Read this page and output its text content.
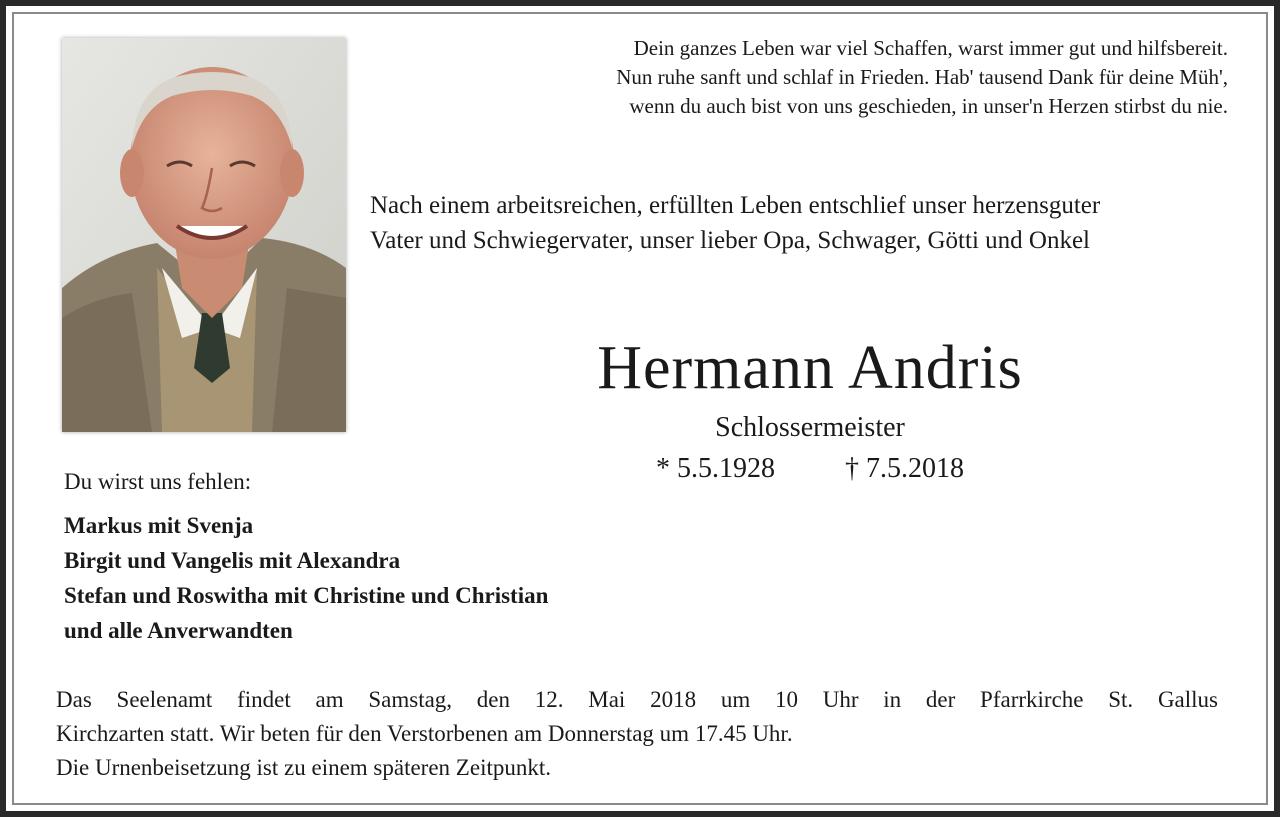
Dein ganzes Leben war viel Schaffen, warst immer gut und hilfsbereit.
Nun ruhe sanft und schlaf in Frieden. Hab' tausend Dank für deine Müh',
wenn du auch bist von uns geschieden, in unser'n Herzen stirbst du nie.
Nach einem arbeitsreichen, erfüllten Leben entschlief unser herzensguter
Vater und Schwiegervater, unser lieber Opa, Schwager, Götti und Onkel
Hermann Andris
Schlossermeister
* 5.5.1928	† 7.5.2018
Du wirst uns fehlen:
Markus mit Svenja
Birgit und Vangelis mit Alexandra
Stefan und Roswitha mit Christine und Christian
und alle Anverwandten
Das Seelenamt findet am Samstag, den 12. Mai 2018 um 10 Uhr in der Pfarrkirche St. Gallus
Kirchzarten statt. Wir beten für den Verstorbenen am Donnerstag um 17.45 Uhr.
Die Urnenbeisetzung ist zu einem späteren Zeitpunkt.
